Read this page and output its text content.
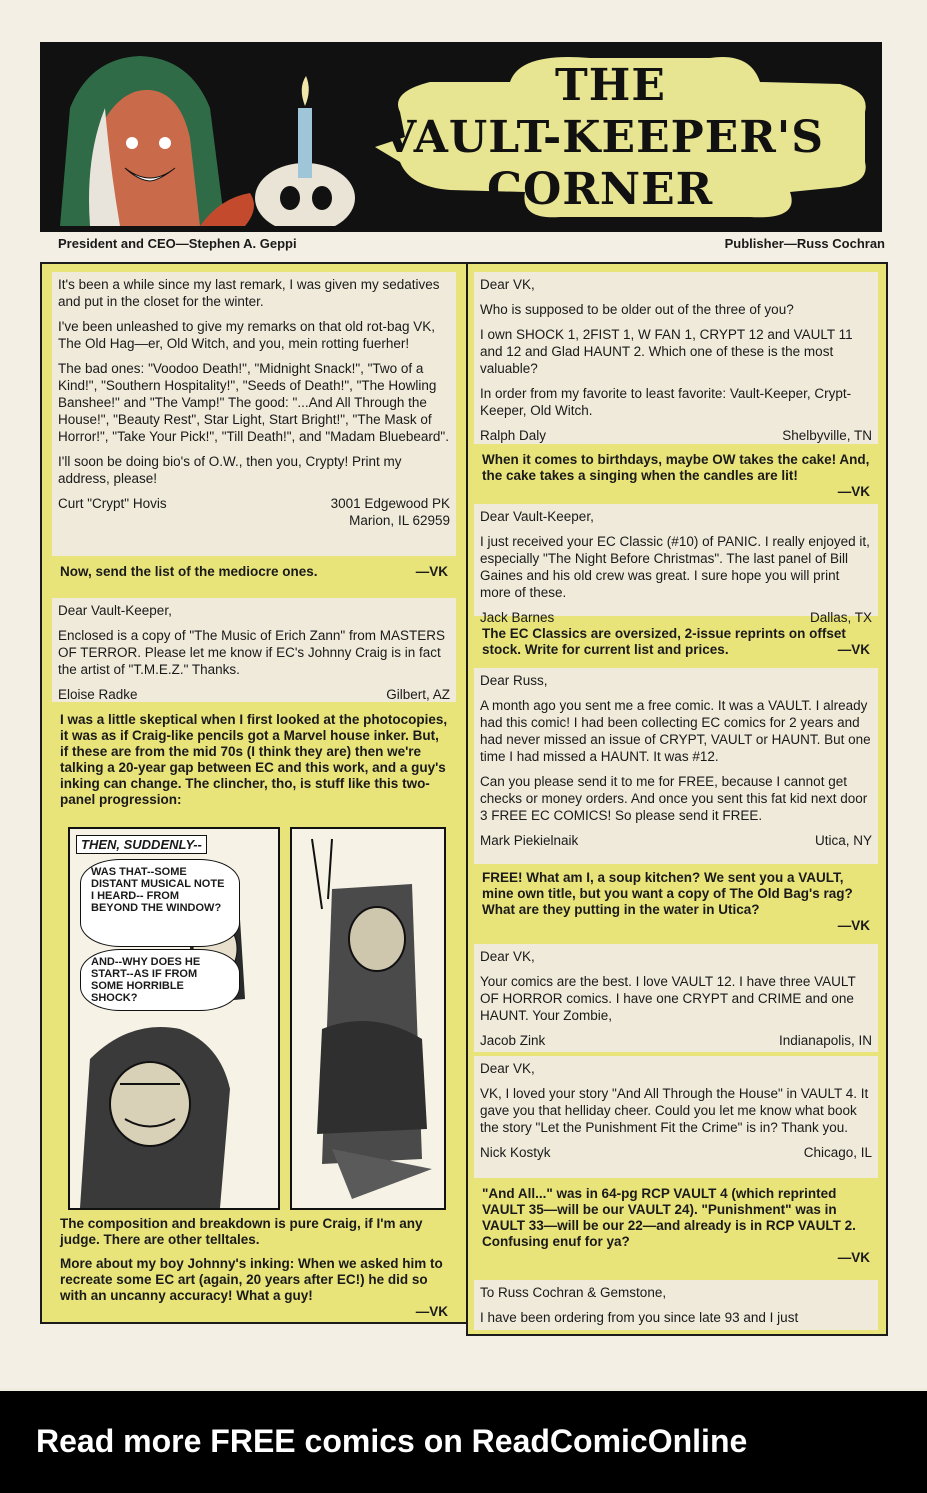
THE
VAULT-KEEPER'S
CORNER
President and CEO—Stephen A. Geppi	Publisher—Russ Cochran

It's been a while since my last remark, I was given my sedatives and put in the closet for the winter.

I've been unleashed to give my remarks on that old rot-bag VK, The Old Hag—er, Old Witch, and you, mein rotting fuerher!

The bad ones: "Voodoo Death!", "Midnight Snack!", "Two of a Kind!", "Southern Hospitality!", "Seeds of Death!", "The Howling Banshee!" and "The Vamp!" The good: "...And All Through the House!", "Beauty Rest", Star Light, Start Bright!", "The Mask of Horror!", "Take Your Pick!", "Till Death!", and "Madam Bluebeard".

I'll soon be doing bio's of O.W., then you, Crypty! Print my address, please!

Curt "Crypt" Hovis	3001 Edgewood PK
Marion, IL 62959
Now, send the list of the mediocre ones.	—VK

Dear Vault-Keeper,

Enclosed is a copy of "The Music of Erich Zann" from MASTERS OF TERROR. Please let me know if EC's Johnny Craig is in fact the artist of "T.M.E.Z." Thanks.

Eloise Radke	Gilbert, AZ
I was a little skeptical when I first looked at the photocopies, it was as if Craig-like pencils got a Marvel house inker. But, if these are from the mid 70s (I think they are) then we're talking a 20-year gap between EC and this work, and a guy's inking can change. The clincher, tho, is stuff like this two-panel progression:
THEN, SUDDENLY--
WAS THAT--SOME DISTANT MUSICAL NOTE I HEARD-- FROM BEYOND THE WINDOW?
AND--WHY DOES HE START--AS IF FROM SOME HORRIBLE SHOCK?
The composition and breakdown is pure Craig, if I'm any judge. There are other telltales.
More about my boy Johnny's inking: When we asked him to recreate some EC art (again, 20 years after EC!) he did so with an uncanny accuracy! What a guy!
—VK

Dear VK,

Who is supposed to be older out of the three of you?

I own SHOCK 1, 2FIST 1, W FAN 1, CRYPT 12 and VAULT 11 and 12 and Glad HAUNT 2. Which one of these is the most valuable?

In order from my favorite to least favorite: Vault-Keeper, Crypt-Keeper, Old Witch.

Ralph Daly	Shelbyville, TN
When it comes to birthdays, maybe OW takes the cake! And, the cake takes a singing when the candles are lit!
—VK

Dear Vault-Keeper,

I just received your EC Classic (#10) of PANIC. I really enjoyed it, especially "The Night Before Christmas". The last panel of Bill Gaines and his old crew was great. I sure hope you will print more of these.

Jack Barnes	Dallas, TX
The EC Classics are oversized, 2-issue reprints on offset stock. Write for current list and prices.	—VK

Dear Russ,

A month ago you sent me a free comic. It was a VAULT. I already had this comic! I had been collecting EC comics for 2 years and had never missed an issue of CRYPT, VAULT or HAUNT. But one time I had missed a HAUNT. It was #12.

Can you please send it to me for FREE, because I cannot get checks or money orders. And once you sent this fat kid next door 3 FREE EC COMICS! So please send it FREE.

Mark Piekielnaik	Utica, NY
FREE! What am I, a soup kitchen? We sent you a VAULT, mine own title, but you want a copy of The Old Bag's rag? What are they putting in the water in Utica?
—VK

Dear VK,

Your comics are the best. I love VAULT 12. I have three VAULT OF HORROR comics. I have one CRYPT and CRIME and one HAUNT. Your Zombie,

Jacob Zink	Indianapolis, IN

Dear VK,

VK, I loved your story "And All Through the House" in VAULT 4. It gave you that helliday cheer. Could you let me know what book the story "Let the Punishment Fit the Crime" is in? Thank you.

Nick Kostyk	Chicago, IL
"And All..." was in 64-pg RCP VAULT 4 (which reprinted VAULT 35—will be our VAULT 24). "Punishment" was in VAULT 33—will be our 22—and already is in RCP VAULT 2. Confusing enuf for ya?
—VK

To Russ Cochran & Gemstone,

I have been ordering from you since late 93 and I just

Read more FREE comics on ReadComicOnline
